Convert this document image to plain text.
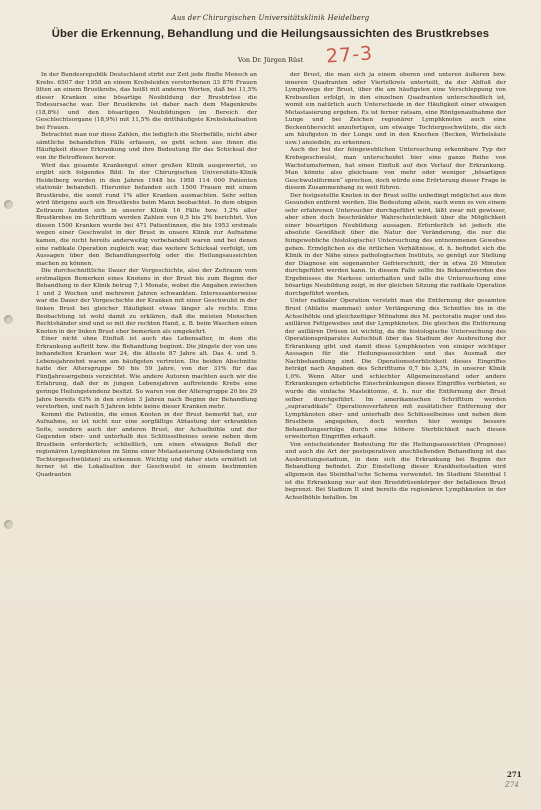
Aus der Chirurgischen Universitätsklinik Heidelberg
Über die Erkennung, Behandlung und die Heilungsaussichten des Brustkrebses
27-3
Von Dr. Jürgen Rüst

In der Bundesrepublik Deutschland stirbt zur Zeit jede fünfte Mensch an Krebs. 6507 der 1958 an einem Krebsleiden verstorbenen 33 876 Frauen litten an einem Brustkrebs, das heißt mit anderen Worten, daß bei 11,5% dieser Kranken eine bösartige Neubildung der Brustdrüse die Todesursache war. Der Brustkrebs ist daher nach dem Magenkrebs (18,8%) und den bösartigen Neubildungen im Bereich der Geschlechtsorgane (18,9%) mit 11,5% die dritthäufigste Krebslokalisation bei Frauen.

Betrachtet man nur diese Zahlen, die lediglich die Sterbefälle, nicht aber sämtliche behandelten Fälle erfassen, so geht schon aus ihnen die Häufigkeit dieser Erkrankung und ihre Bedeutung für das Schicksal der von ihr Betroffenen hervor.

Wird das gesamte Krankengut einer großen Klinik ausgewertet, so ergibt sich folgendes Bild: In der Chirurgischen Universitäts-Klinik Heidelberg wurden in den Jahren 1948 bis 1958 114 000 Patienten stationär behandelt. Hierunter befanden sich 1500 Frauen mit einem Brustkrebs, die somit rund 1% aller Kranken ausmachten. Sehr selten wird übrigens auch ein Brustkrebs beim Mann beobachtet. In dem obigen Zeitraum fanden sich in unserer Klinik 16 Fälle bzw. 1,2% aller Brustkrebse im Schrifttum werden Zahlen von 0,5 bis 2% berichtet. Von diesen 1500 Kranken wurde bei 471 Patientinnen, die bis 1953 erstmals wegen einer Geschwulst in der Brust in unsere Klinik zur Aufnahme kamen, die nicht bereits anderweitig vorbehandelt waren und bei denen eine radikale Operation zugleich war, das weitere Schicksal verfolgt, um Aussagen über den Behandlungserfolg oder die Heilungsaussichten machen zu können.

Die durchschnittliche Dauer der Vorgeschichte, also der Zeitraum vom erstmaligen Bemerken eines Knotens in der Brust bis zum Beginn der Behandlung in der Klinik betrug 7,1 Monate, wobei die Angaben zwischen 1 und 2 Wochen und mehreren Jahren schwankten. Interessanterweise war die Dauer der Vorgeschichte der Kranken mit einer Geschwulst in der linken Brust bei gleicher Häufigkeit etwas länger als rechts. Eine Beobachtung ist wohl damit zu erklären, daß die meisten Menschen Rechtshänder sind und so mit der rechten Hand, z. B. beim Waschen einen Knoten in der linken Brust eher bemerken als umgekehrt.

Einer nicht ohne Einfluß ist auch das Lebensalter, in dem die Erkrankung auftritt bzw. die Behandlung beginnt. Die jüngste der von uns behandelten Kranken war 24, die älteste 87 Jahre alt. Das 4. und 5. Lebensjahrzehnt waren am häufigsten vertreten. Die beiden Abschnitte hatte der Altersgruppe 50 bis 59 Jahre, von der 31% für das Fünfjahresergebnis verzichtet. Wie andere Autoren machten auch wir die Erfahrung, daß der in jungen Lebensjahren auftretende Krebs eine geringe Heilungstendenz besitzt. So waren von der Altersgruppe 20 bis 29 Jahre bereits 63% in den ersten 3 Jahren nach Beginn der Behandlung verstorben, und nach 5 Jahren lebte keine dieser Kranken mehr.

Kommt die Patientin, die einen Knoten in der Brust bemerkt hat, zur Aufnahme, so ist nicht nur eine sorgfältige Abtastung der erkrankten Seite, sondern auch der anderen Brust, der Achselhöhle und der Gegenden ober- und unterhalb des Schlüsselbeines sowie neben dem Brustbein erforderlich; schließlich, um einen etwaigen Befall der regionären Lymphknoten im Sinne einer Metastasierung (Absiedelung von Tochtergeschwülsten) zu erkennen. Wichtig und daher stets ermittelt ist ferner ist die Lokalisation der Geschwulst in einem bestimmten Quadranten

der Brust, die man sich ja einem oberen und unteren äußeren bzw. inneren Quadranten oder Viertelkreis unterteilt, da der Abfluß der Lymphwege der Brust, über die am häufigsten eine Verschleppung von Krebszellen erfolgt, in den einzelnen Quadranten unterschiedlich ist, womit ein natürlich auch Unterschiede in der Häufigkeit einer etwaigen Metastasierung ergeben. Es ist ferner ratsam, eine Röntgenaufnahme der Lunge und bei Zeichen regionärer Lymphknoten auch eine Beckenübersicht anzufertigen, um etwaige Tochtergeschwülste, die sich am häufigsten in der Lunge und in den Knochen (Becken, Wirbelsäule usw.) ansiedeln, zu erkennen.

Auch der bei der feingeweblichen Untersuchung erkennbare Typ der Krebsgeschwulst, man unterscheidet hier eine ganze Reihe von Wachstumsformen, hat einen Einfluß auf den Verlauf der Erkrankung. Man könnte also gleichsam von mehr oder weniger „bösartigen Geschwulstformen“ sprechen, doch würde eine Erörterung dieser Frage in diesem Zusammenhang zu weit führen.

Der festgestellte Knoten in der Brust sollte unbedingt möglichst aus dem Gesunden entfernt werden. Die Bedeutung allein, nach wenn es von einem sehr erfahrenen Untersucher durchgeführt wird, läßt zwar mit gewisser, aber eben doch beschränkter Wahrscheinlichkeit über die Möglichkeit einer bösartigen Neubildung aussagen. Erforderlich ist jedoch die absolute Gewißheit über die Natur der Veränderung, die nur die feingewebliche (histologische) Untersuchung des entnommenen Gewebes geben. Ermöglichen es die örtlichen Verhältnisse, d. h. befindet sich die Klinik in der Nähe eines pathologischen Instituts, so genügt zur Stellung der Diagnose ein sogenannter Gefrierschnitt, der in etwa 20 Minuten durchgeführt werden kann. In diesem Falle sollte bis Bekanntwerden des Ergebnisses die Narkose unterhalten und falls die Untersuchung eine bösartige Neubildung zeigt, in der gleichen Sitzung die radikale Operation durchgeführt werden.

Unter radikaler Operation versteht man die Entfernung der gesamten Brust (Ablatio mammae) unter Verlängerung des Schnittes bis in die Achselhöhle und gleichzeitiger Mitnahme des M. pectoralis major und des axillären Fettgewebes und der Lymphknoten. Die gleichen die Entfernung der axillären Drüsen ist wichtig, da die histologische Untersuchung des Operationspräparates Aufschluß über das Stadium der Ausbreitung der Erkrankung gibt und damit diese Lymphknoten von einiger wichtiger Aussagen für die Heilungsaussichten und das Ausmaß der Nachbehandlung sind. Die Operationssterblichkeit dieses Eingriffes beträgt nach Angaben des Schrifttums 0,7 bis 3,3%, in unserer Klinik 1,0%. Wenn Alter und schlechter Allgemeinzustand oder andere Erkrankungen erhebliche Einschränkungen dieses Eingriffes verbieten, so wurde die einfache Mastektomie, d. h. nur die Entfernung der Brust selber durchgeführt. Im amerikanischen Schrifttum werden „supraradikale“ Operationsverfahren mit zusätzlicher Entfernung der Lymphknoten ober- und unterhalb des Schlüsselbeines und neben dem Brustbein angegeben, doch werden hier wenige bessere Behandlungserfolge durch eine höhere Sterblichkeit nach diesen erweiterten Eingriffen erkauft.

Von entscheidender Bedeutung für die Heilungsaussichten (Prognose) und auch die Art der postoperativen anschließenden Behandlung ist das Ausbreitungsstadium, in dem sich die Erkrankung bei Beginn der Behandlung befindet. Zur Einstellung dieser Krankheitsstadien wird allgemein das Steinthal'sche Schema verwendet. Im Stadium Steinthal I ist die Erkrankung nur auf den Brustdrüsenkörper der befallenen Brust begrenzt. Bei Stadium II sind bereits die regionären Lymphknoten in der Achselhöhle befallen. Im

271
Z74
